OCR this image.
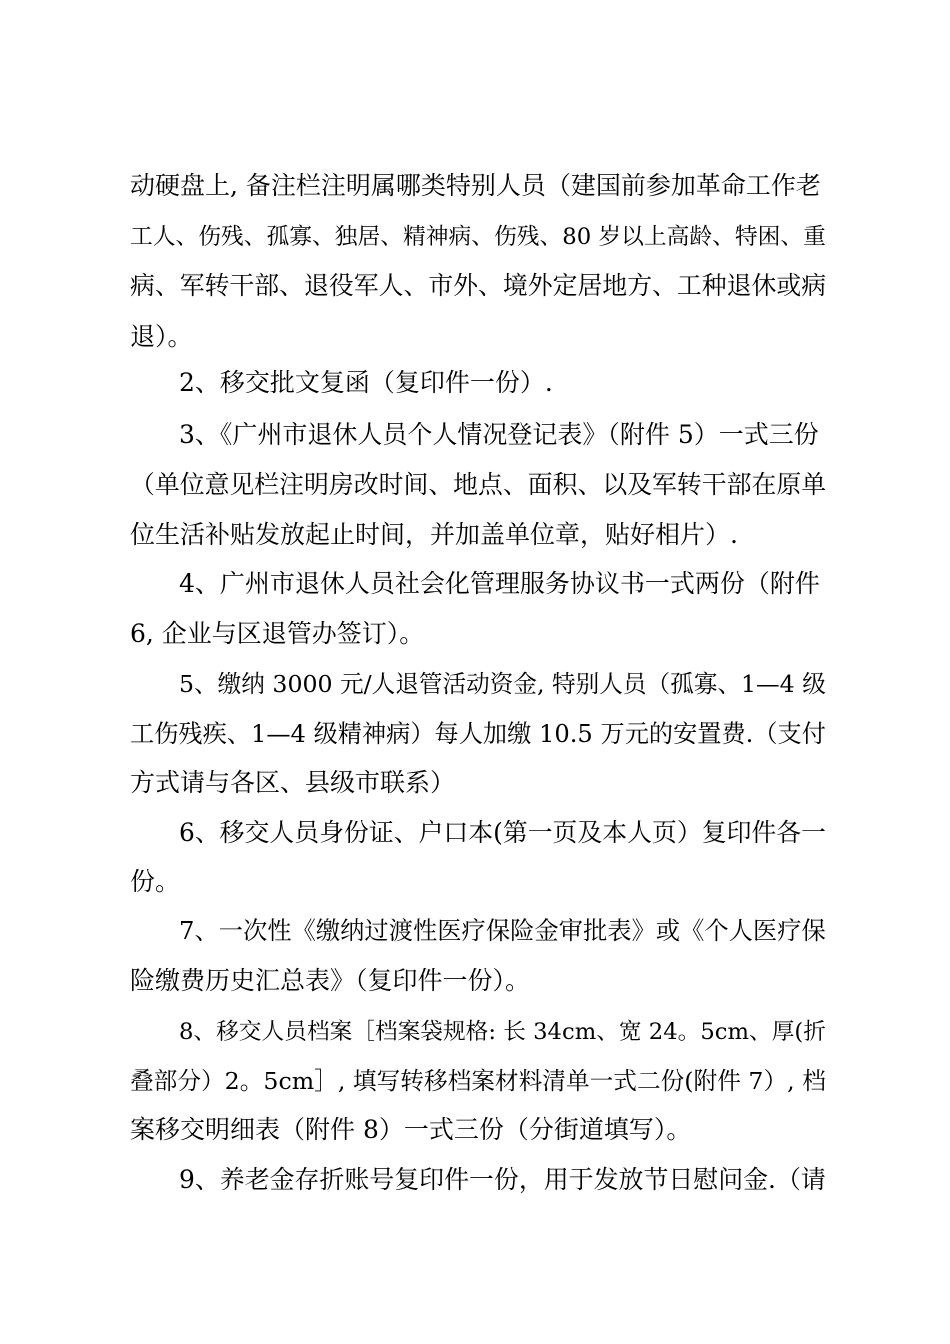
动硬盘上, 备注栏注明属哪类特别人员（建国前参加革命工作老
工人、伤残、孤寡、独居、精神病、伤残、80 岁以上高龄、特困、重
病、军转干部、退役军人、市外、境外定居地方、工种退休或病
退）。
2、移交批文复函（复印件一份）.
3、《广州市退休人员个人情况登记表》（附件 5）一式三份
（单位意见栏注明房改时间、地点、面积、以及军转干部在原单
位生活补贴发放起止时间，并加盖单位章，贴好相片）.
4、广州市退休人员社会化管理服务协议书一式两份（附件
6, 企业与区退管办签订）。
5、缴纳 3000 元/人退管活动资金, 特别人员（孤寡、1—4 级
工伤残疾、1—4 级精神病）每人加缴 10.5 万元的安置费.（支付
方式请与各区、县级市联系）
6、移交人员身份证、户口本(第一页及本人页）复印件各一
份。
7、一次性《缴纳过渡性医疗保险金审批表》或《个人医疗保
险缴费历史汇总表》（复印件一份）。
8、移交人员档案［档案袋规格: 长 34cm、宽 24。5cm、厚(折
叠部分）2。5cm］, 填写转移档案材料清单一式二份(附件 7）, 档
案移交明细表（附件 8）一式三份（分街道填写）。
9、养老金存折账号复印件一份，用于发放节日慰问金.（请
